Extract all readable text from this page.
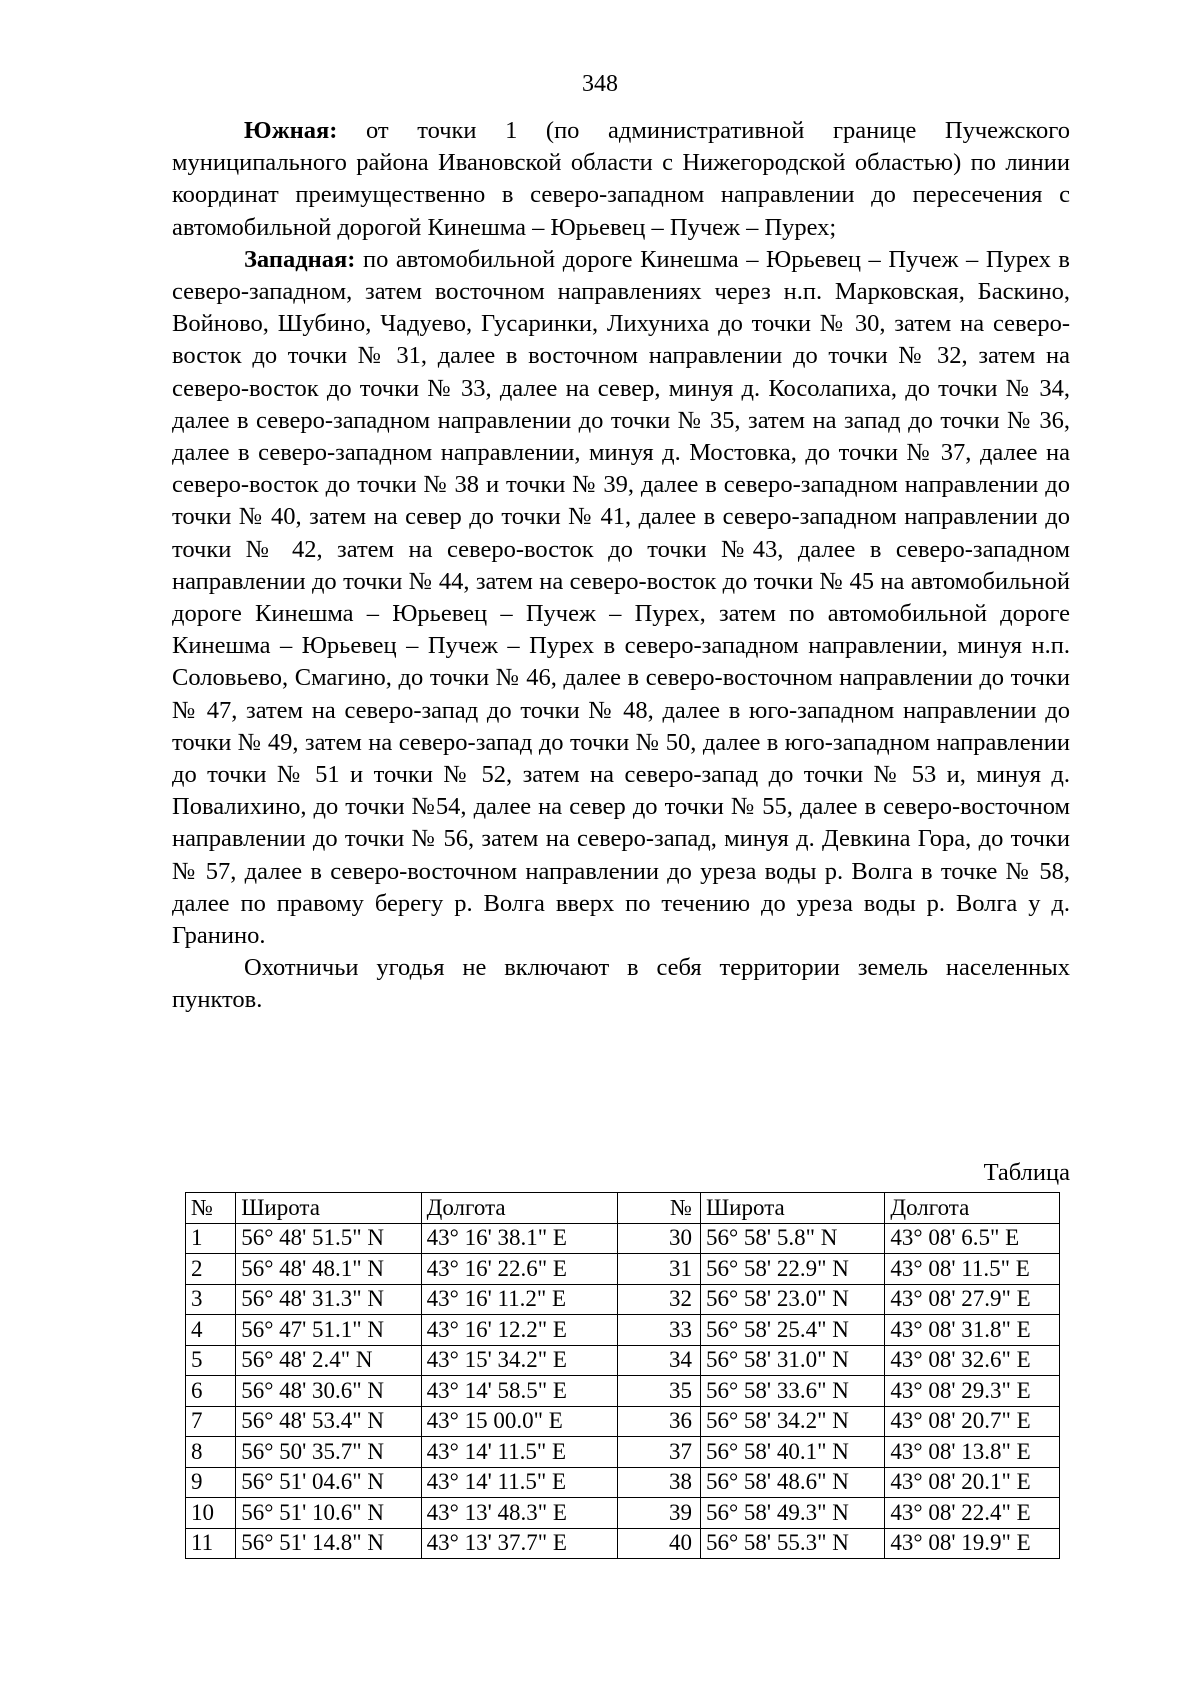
348

Южная: от точки 1 (по административной границе Пучежского муниципального района Ивановской области с Нижегородской областью) по линии координат преимущественно в северо-западном направлении до пересечения с автомобильной дорогой Кинешма – Юрьевец – Пучеж – Пурех;

Западная: по автомобильной дороге Кинешма – Юрьевец – Пучеж – Пурех в северо-западном, затем восточном направлениях через н.п. Марковская, Баскино, Войново, Шубино, Чадуево, Гусаринки, Лихуниха до точки № 30, затем на северо-восток до точки № 31, далее в восточном направлении до точки № 32, затем на северо-восток до точки № 33, далее на север, минуя д. Косолапиха, до точки № 34, далее в северо-западном направлении до точки № 35, затем на запад до точки № 36, далее в северо-западном направлении, минуя д. Мостовка, до точки № 37, далее на северо-восток до точки № 38 и точки № 39, далее в северо-западном направлении до точки № 40, затем на север до точки № 41, далее в северо-западном направлении до точки № 42, затем на северо-восток до точки №43, далее в северо-западном направлении до точки № 44, затем на северо-восток до точки № 45 на автомобильной дороге Кинешма – Юрьевец – Пучеж – Пурех, затем по автомобильной дороге Кинешма – Юрьевец – Пучеж – Пурех в северо-западном направлении, минуя н.п. Соловьево, Смагино, до точки № 46, далее в северо-восточном направлении до точки № 47, затем на северо-запад до точки № 48, далее в юго-западном направлении до точки № 49, затем на северо-запад до точки № 50, далее в юго-западном направлении до точки № 51 и точки № 52, затем на северо-запад до точки № 53 и, минуя д. Повалихино, до точки №54, далее на север до точки № 55, далее в северо-восточном направлении до точки № 56, затем на северо-запад, минуя д. Девкина Гора, до точки № 57, далее в северо-восточном направлении до уреза воды р. Волга в точке № 58, далее по правому берегу р. Волга вверх по течению до уреза воды р. Волга у д. Гранино.

Охотничьи угодья не включают в себя территории земель населенных пунктов.

Таблица
№	Широта	Долгота	№	Широта	Долгота
1	56° 48' 51.5" N	43° 16' 38.1" E	30	56° 58' 5.8" N	43° 08' 6.5" E
2	56° 48' 48.1" N	43° 16' 22.6" E	31	56° 58' 22.9" N	43° 08' 11.5" E
3	56° 48' 31.3" N	43° 16' 11.2" E	32	56° 58' 23.0" N	43° 08' 27.9" E
4	56° 47' 51.1" N	43° 16' 12.2" E	33	56° 58' 25.4" N	43° 08' 31.8" E
5	56° 48' 2.4" N	43° 15' 34.2" E	34	56° 58' 31.0" N	43° 08' 32.6" E
6	56° 48' 30.6" N	43° 14' 58.5" E	35	56° 58' 33.6" N	43° 08' 29.3" E
7	56° 48' 53.4" N	43° 15 00.0" E	36	56° 58' 34.2" N	43° 08' 20.7" E
8	56° 50' 35.7" N	43° 14' 11.5" E	37	56° 58' 40.1" N	43° 08' 13.8" E
9	56° 51' 04.6" N	43° 14' 11.5" E	38	56° 58' 48.6" N	43° 08' 20.1" E
10	56° 51' 10.6" N	43° 13' 48.3" E	39	56° 58' 49.3" N	43° 08' 22.4" E
11	56° 51' 14.8" N	43° 13' 37.7" E	40	56° 58' 55.3" N	43° 08' 19.9" E
